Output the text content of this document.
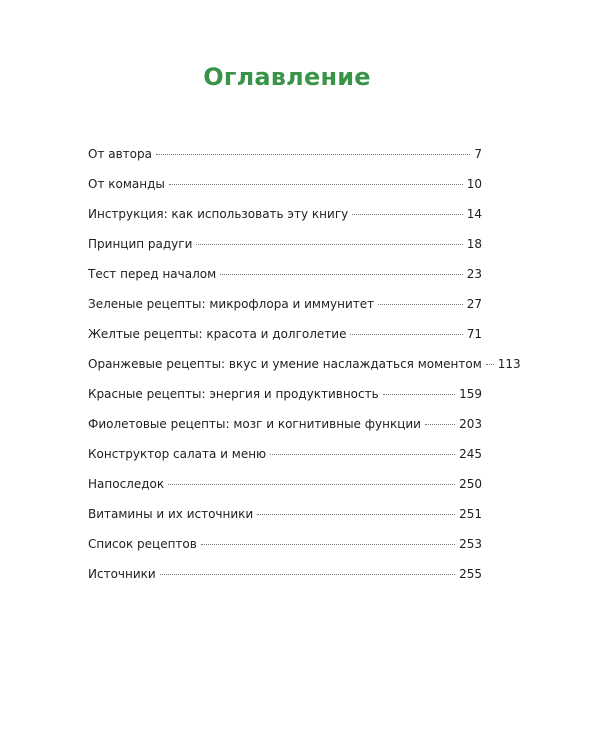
Оглавление
От автора	7
От команды	10
Инструкция: как использовать эту книгу	14
Принцип радуги	18
Тест перед началом	23
Зеленые рецепты: микрофлора и иммунитет	27
Желтые рецепты: красота и долголетие	71
Оранжевые рецепты: вкус и умение наслаждаться моментом 113
Красные рецепты: энергия и продуктивность	159
Фиолетовые рецепты: мозг и когнитивные функции	203
Конструктор салата и меню	245
Напоследок	250
Витамины и их источники	251
Список рецептов	253
Источники	255
